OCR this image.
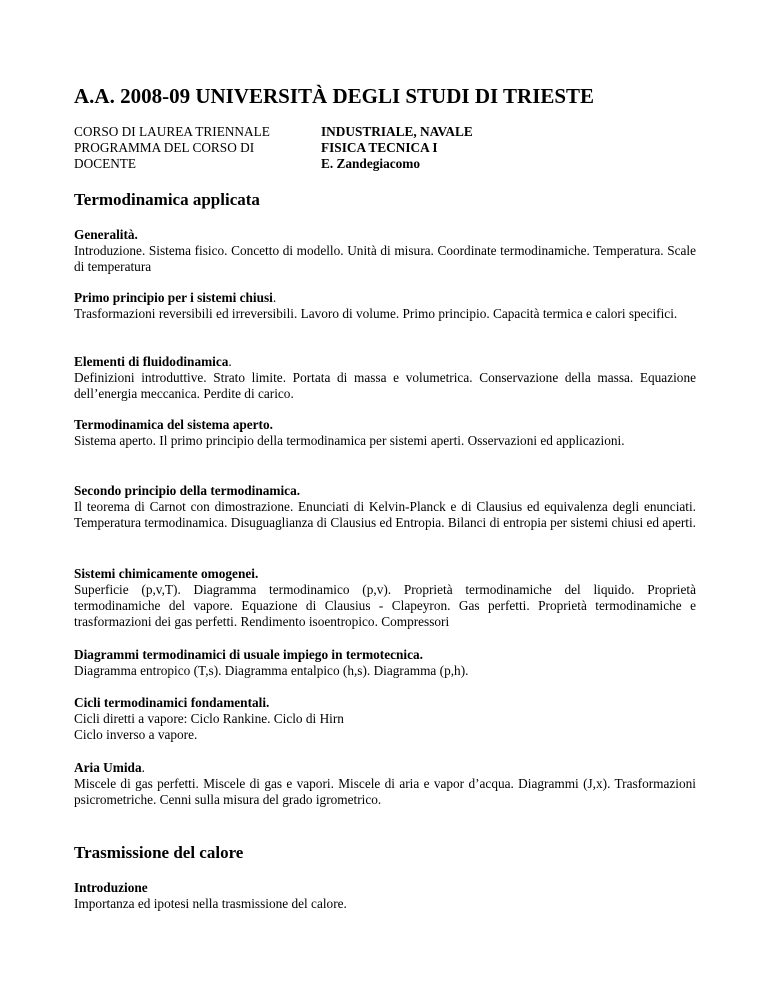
A.A. 2008-09 UNIVERSITÀ DEGLI STUDI DI TRIESTE
CORSO DI LAUREA TRIENNALE	INDUSTRIALE, NAVALE
PROGRAMMA DEL CORSO DI	FISICA TECNICA I
DOCENTE	E. Zandegiacomo
Termodinamica applicata
Generalità.
Introduzione. Sistema fisico. Concetto di modello. Unità di misura. Coordinate termodinamiche. Temperatura. Scale di temperatura
Primo principio per i sistemi chiusi.
Trasformazioni reversibili ed irreversibili. Lavoro di volume. Primo principio. Capacità termica e calori specifici.
Elementi di fluidodinamica.
Definizioni introduttive. Strato limite. Portata di massa e volumetrica. Conservazione della massa. Equazione dell’energia meccanica. Perdite di carico.
Termodinamica del sistema aperto.
Sistema aperto. Il primo principio della termodinamica per sistemi aperti. Osservazioni ed applicazioni.
Secondo principio della termodinamica.
Il teorema di Carnot con dimostrazione. Enunciati di Kelvin-Planck e di Clausius ed equivalenza degli enunciati. Temperatura termodinamica. Disuguaglianza di Clausius ed Entropia. Bilanci di entropia per sistemi chiusi ed aperti.
Sistemi chimicamente omogenei.
Superficie (p,v,T). Diagramma termodinamico (p,v). Proprietà termodinamiche del liquido. Proprietà termodinamiche del vapore. Equazione di Clausius - Clapeyron. Gas perfetti. Proprietà termodinamiche e trasformazioni dei gas perfetti. Rendimento isoentropico. Compressori
Diagrammi termodinamici di usuale impiego in termotecnica.
Diagramma entropico (T,s). Diagramma entalpico (h,s). Diagramma (p,h).
Cicli termodinamici fondamentali.
Cicli diretti a vapore: Ciclo Rankine. Ciclo di Hirn
Ciclo inverso a vapore.
Aria Umida.
Miscele di gas perfetti. Miscele di gas e vapori. Miscele di aria e vapor d’acqua. Diagrammi (J,x). Trasformazioni psicrometriche. Cenni sulla misura del grado igrometrico.
Trasmissione del calore
Introduzione
Importanza ed ipotesi nella trasmissione del calore.
